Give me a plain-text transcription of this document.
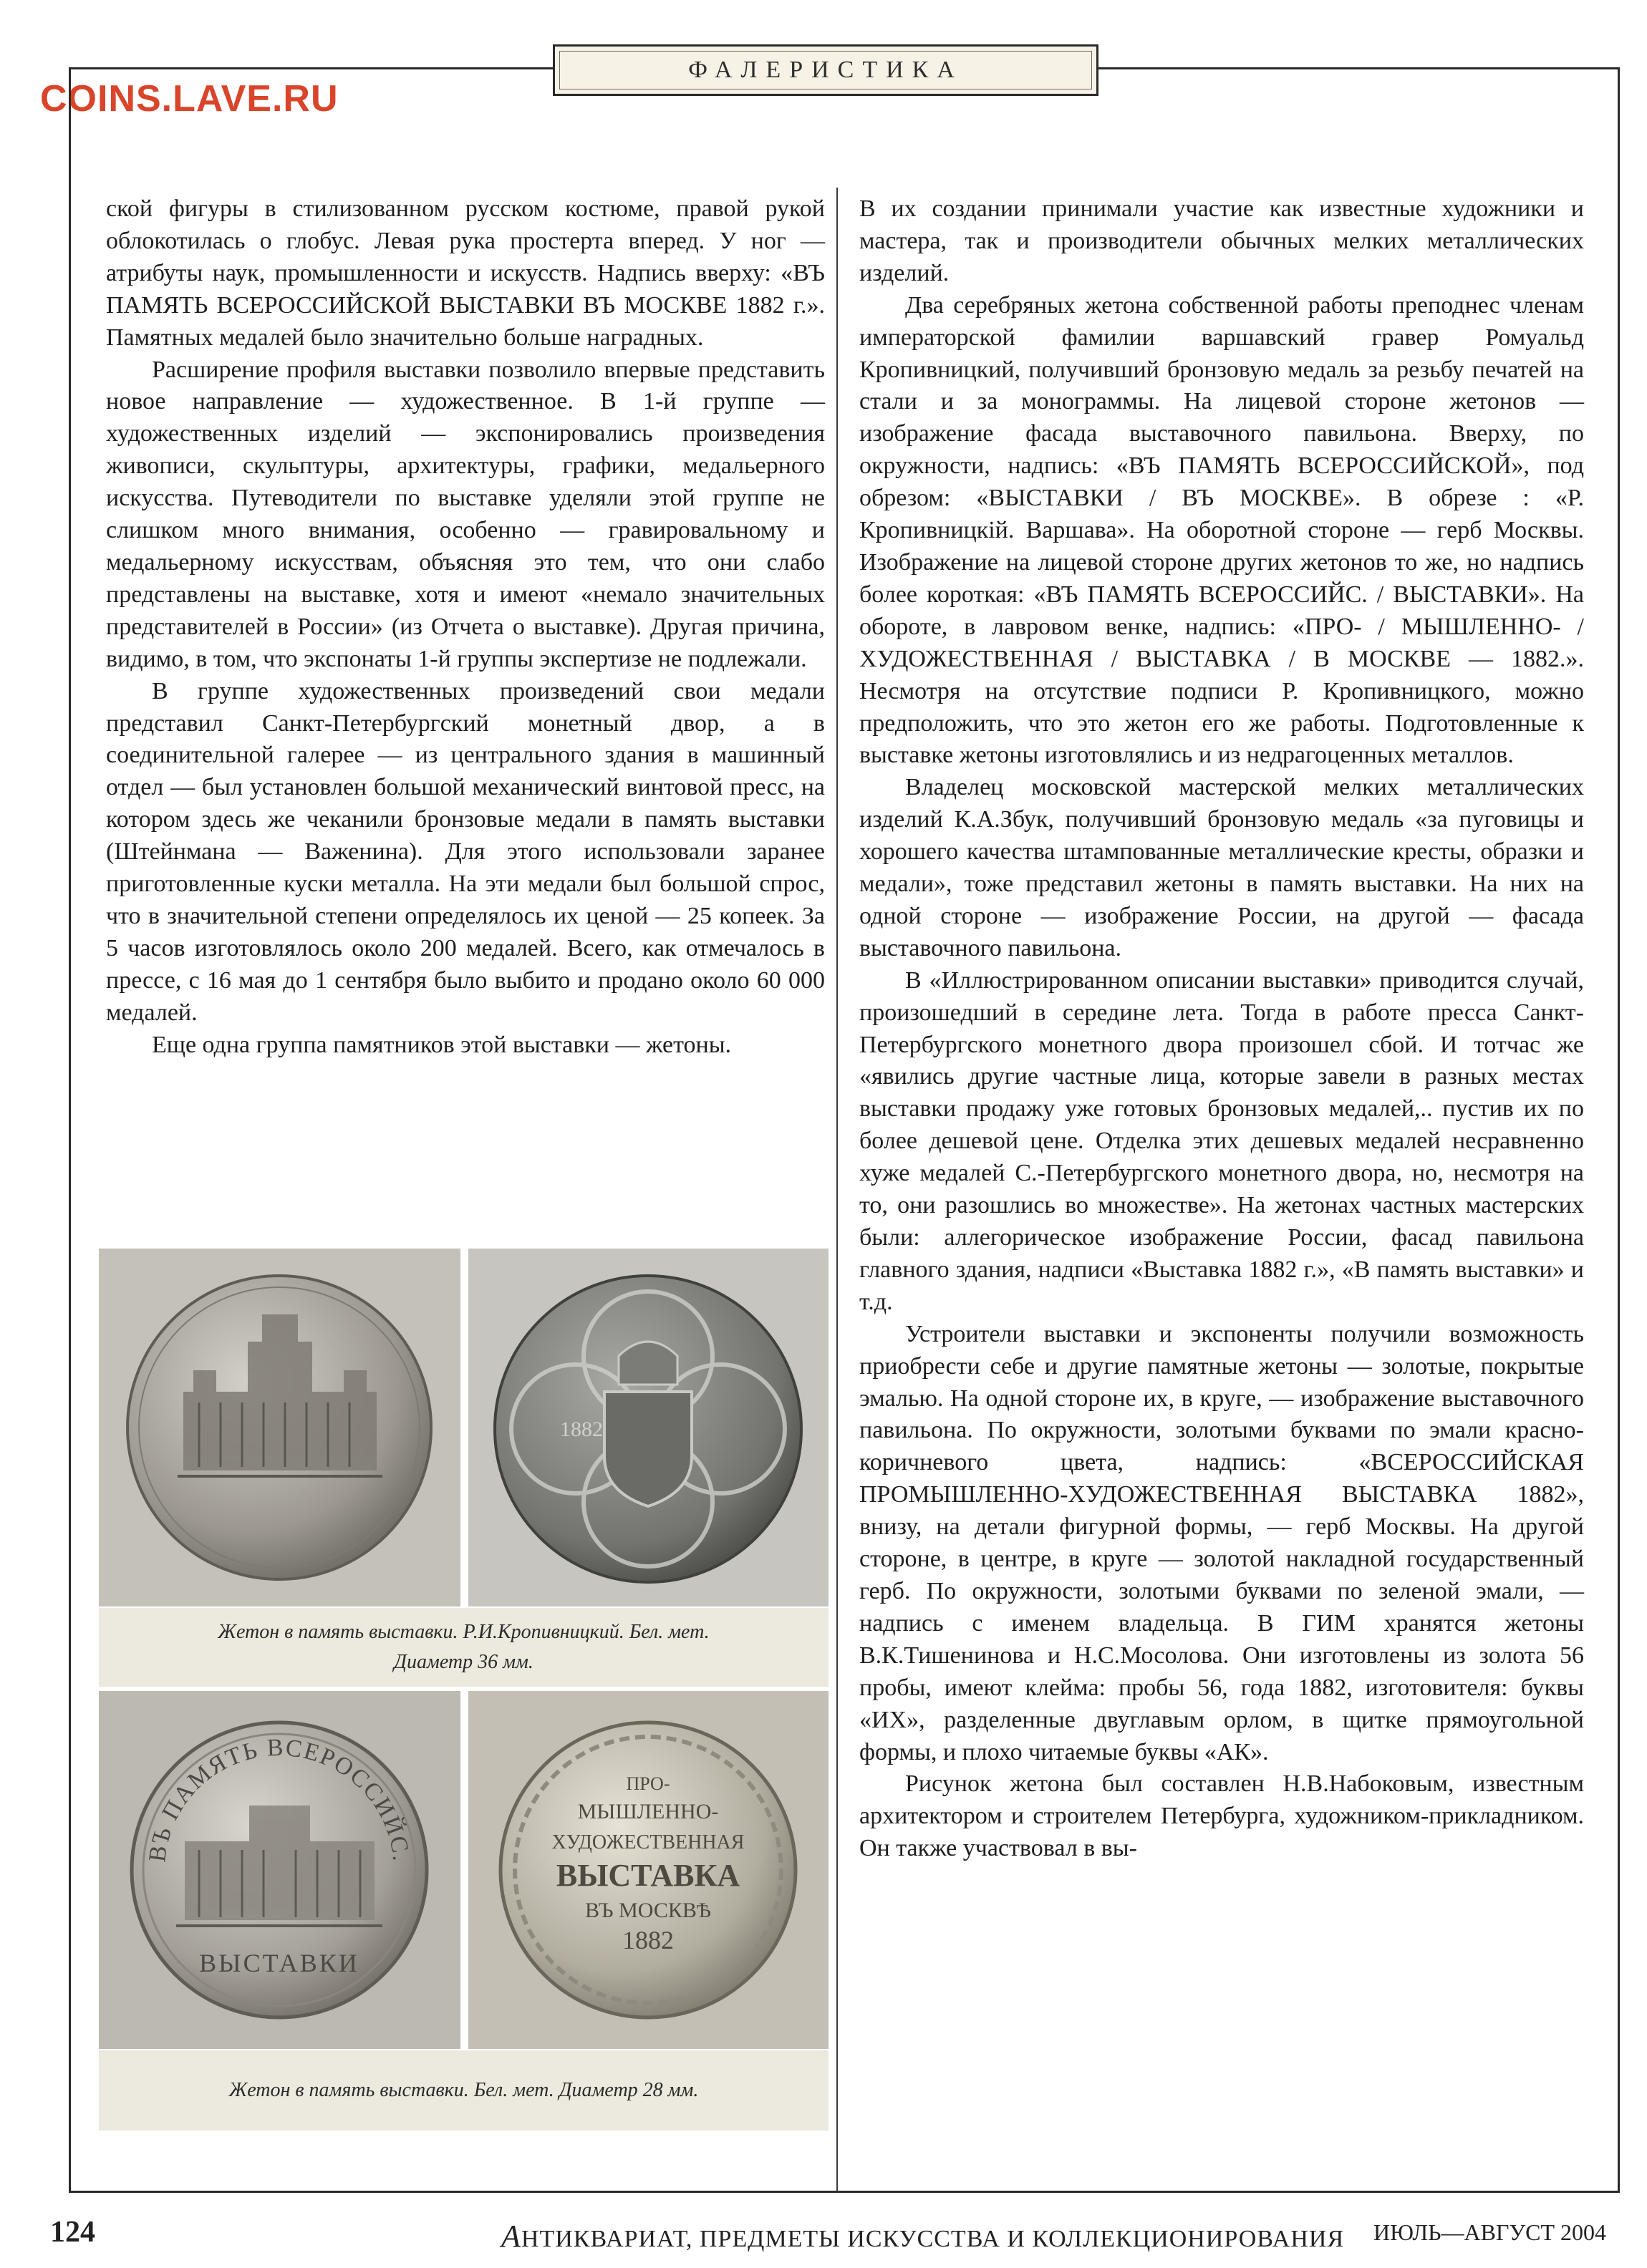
COINS.LAVE.RU
ФАЛЕРИСТИКА

ской фигуры в стилизованном русском костюме, правой рукой облокотилась о глобус. Левая рука простерта вперед. У ног — атрибуты наук, промышленности и искусств. Надпись вверху: «ВЪ ПАМЯТЬ ВСЕРОССИЙСКОЙ ВЫСТАВКИ ВЪ МОСКВЕ 1882 г.». Памятных медалей было значительно больше наградных.

Расширение профиля выставки позволило впервые представить новое направление — художественное. В 1-й группе — художественных изделий — экспонировались произведения живописи, скульптуры, архитектуры, графики, медальерного искусства. Путеводители по выставке уделяли этой группе не слишком много внимания, особенно — гравировальному и медальерному искусствам, объясняя это тем, что они слабо представлены на выставке, хотя и имеют «немало значительных представителей в России» (из Отчета о выставке). Другая причина, видимо, в том, что экспонаты 1-й группы экспертизе не подлежали.

В группе художественных произведений свои медали представил Санкт-Петербургский монетный двор, а в соединительной галерее — из центрального здания в машинный отдел — был установлен большой механический винтовой пресс, на котором здесь же чеканили бронзовые медали в память выставки (Штейнмана — Важенина). Для этого использовали заранее приготовленные куски металла. На эти медали был большой спрос, что в значительной степени определялось их ценой — 25 копеек. За 5 часов изготовлялось около 200 медалей. Всего, как отмечалось в прессе, с 16 мая до 1 сентября было выбито и продано около 60 000 медалей.

Еще одна группа памятников этой выставки — жетоны.

В их создании принимали участие как известные художники и мастера, так и производители обычных мелких металлических изделий.

Два серебряных жетона собственной работы преподнес членам императорской фамилии варшавский гравер Ромуальд Кропивницкий, получивший бронзовую медаль за резьбу печатей на стали и за монограммы. На лицевой стороне жетонов — изображение фасада выставочного павильона. Вверху, по окружности, надпись: «ВЪ ПАМЯТЬ ВСЕРОССИЙСКОЙ», под обрезом: «ВЫСТАВКИ / ВЪ МОСКВЕ». В обрезе : «Р. Кропивницкій. Варшава». На оборотной стороне — герб Москвы. Изображение на лицевой стороне других жетонов то же, но надпись более короткая: «ВЪ ПАМЯТЬ ВСЕРОССИЙС. / ВЫСТАВКИ». На обороте, в лавровом венке, надпись: «ПРО- / МЫШЛЕННО- / ХУДОЖЕСТВЕННАЯ / ВЫСТАВКА / В МОСКВЕ — 1882.». Несмотря на отсутствие подписи Р. Кропивницкого, можно предположить, что это жетон его же работы. Подготовленные к выставке жетоны изготовлялись и из недрагоценных металлов.

Владелец московской мастерской мелких металлических изделий К.А.Збук, получивший бронзовую медаль «за пуговицы и хорошего качества штампованные металлические кресты, образки и медали», тоже представил жетоны в память выставки. На них на одной стороне — изображение России, на другой — фасада выставочного павильона.

В «Иллюстрированном описании выставки» приводится случай, произошедший в середине лета. Тогда в работе пресса Санкт-Петербургского монетного двора произошел сбой. И тотчас же «явились другие частные лица, которые завели в разных местах выставки продажу уже готовых бронзовых медалей,.. пустив их по более дешевой цене. Отделка этих дешевых медалей несравненно хуже медалей С.-Петербургского монетного двора, но, несмотря на то, они разошлись во множестве». На жетонах частных мастерских были: аллегорическое изображение России, фасад павильона главного здания, надписи «Выставка 1882 г.», «В память выставки» и т.д.

Устроители выставки и экспоненты получили возможность приобрести себе и другие памятные жетоны — золотые, покрытые эмалью. На одной стороне их, в круге, — изображение выставочного павильона. По окружности, золотыми буквами по эмали красно-коричневого цвета, надпись: «ВСЕРОССИЙСКАЯ ПРОМЫШЛЕННО-ХУДОЖЕСТВЕННАЯ ВЫСТАВКА 1882», внизу, на детали фигурной формы, — герб Москвы. На другой стороне, в центре, в круге — золотой накладной государственный герб. По окружности, золотыми буквами по зеленой эмали, — надпись с именем владельца. В ГИМ хранятся жетоны В.К.Тишенинова и Н.С.Мосолова. Они изготовлены из золота 56 пробы, имеют клейма: пробы 56, года 1882, изготовителя: буквы «ИХ», разделенные двуглавым орлом, в щитке прямоугольной формы, и плохо читаемые буквы «АК».

Рисунок жетона был составлен Н.В.Набоковым, известным архитектором и строителем Петербурга, художником-прикладником. Он также участвовал в вы-

1882
Жетон в память выставки. Р.И.Кропивницкий. Бел. мет. Диаметр 36 мм.
ВЪ ПАМЯТЬ ВСЕРОССИЙС.
ВЫСТАВКИ
ПРО-
МЫШЛЕННО-
ХУДОЖЕСТВЕННАЯ
ВЫСТАВКА
ВЪ МОСКВѢ
1882
Жетон в память выставки. Бел. мет. Диаметр 28 мм.
124	АНТИКВАРИАТ, ПРЕДМЕТЫ ИСКУССТВА И КОЛЛЕКЦИОНИРОВАНИЯ ИЮЛЬ—АВГУСТ 2004
